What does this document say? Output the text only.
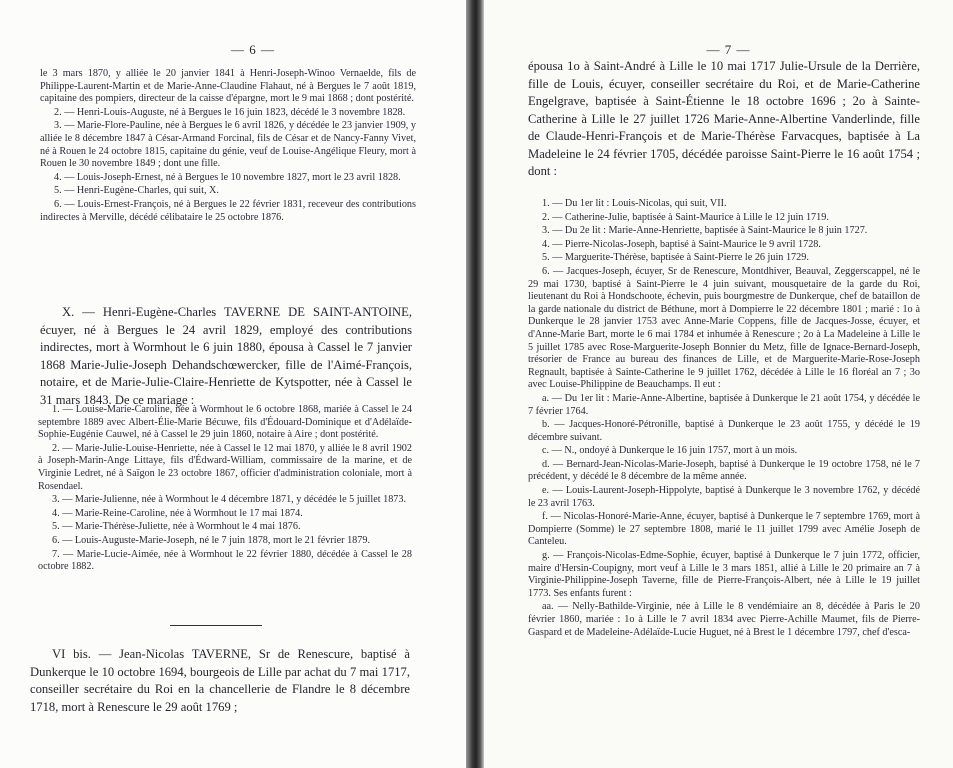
— 6 —

le 3 mars 1870, y alliée le 20 janvier 1841 à Henri-Joseph-Winoo Vernaelde, fils de Philippe-Laurent-Martin et de Marie-Anne-Claudine Flahaut, né à Bergues le 7 août 1819, capitaine des pompiers, directeur de la caisse d'épargne, mort le 9 mai 1868 ; dont postérité.

2. — Henri-Louis-Auguste, né à Bergues le 16 juin 1823, décédé le 3 novembre 1828.

3. — Marie-Flore-Pauline, née à Bergues le 6 avril 1826, y décédée le 23 janvier 1909, y alliée le 8 décembre 1847 à César-Armand Forcinal, fils de César et de Nancy-Fanny Vivet, né à Rouen le 24 octobre 1815, capitaine du génie, veuf de Louise-Angélique Fleury, mort à Rouen le 30 novembre 1849 ; dont une fille.

4. — Louis-Joseph-Ernest, né à Bergues le 10 novembre 1827, mort le 23 avril 1828.

5. — Henri-Eugène-Charles, qui suit, X.

6. — Louis-Ernest-François, né à Bergues le 22 février 1831, receveur des contributions indirectes à Merville, décédé célibataire le 25 octobre 1876.

X. — Henri-Eugène-Charles TAVERNE DE SAINT-ANTOINE, écuyer, né à Bergues le 24 avril 1829, employé des contributions indirectes, mort à Wormhout le 6 juin 1880, épousa à Cassel le 7 janvier 1868 Marie-Julie-Joseph Dehandschœwercker, fille de l'Aimé-François, notaire, et de Marie-Julie-Claire-Henriette de Kytspotter, née à Cassel le 31 mars 1843. De ce mariage :

1. — Louise-Marie-Caroline, née à Wormhout le 6 octobre 1868, mariée à Cassel le 24 septembre 1889 avec Albert-Élie-Marie Bécuwe, fils d'Édouard-Dominique et d'Adélaïde-Sophie-Eugénie Cauwel, né à Cassel le 29 juin 1860, notaire à Aire ; dont postérité.

2. — Marie-Julie-Louise-Henriette, née à Cassel le 12 mai 1870, y alliée le 8 avril 1902 à Joseph-Marin-Ange Littaye, fils d'Édward-William, commissaire de la marine, et de Virginie Ledret, né à Saïgon le 23 octobre 1867, officier d'administration coloniale, mort à Rosendael.

3. — Marie-Julienne, née à Wormhout le 4 décembre 1871, y décédée le 5 juillet 1873.

4. — Marie-Reine-Caroline, née à Wormhout le 17 mai 1874.

5. — Marie-Thérèse-Juliette, née à Wormhout le 4 mai 1876.

6. — Louis-Auguste-Marie-Joseph, né le 7 juin 1878, mort le 21 février 1879.

7. — Marie-Lucie-Aimée, née à Wormhout le 22 février 1880, décédée à Cassel le 28 octobre 1882.

VI bis. — Jean-Nicolas TAVERNE, Sr de Renescure, baptisé à Dunkerque le 10 octobre 1694, bourgeois de Lille par achat du 7 mai 1717, conseiller secrétaire du Roi en la chancellerie de Flandre le 8 décembre 1718, mort à Renescure le 29 août 1769 ;

— 7 —

épousa 1o à Saint-André à Lille le 10 mai 1717 Julie-Ursule de la Derrière, fille de Louis, écuyer, conseiller secrétaire du Roi, et de Marie-Catherine Engelgrave, baptisée à Saint-Étienne le 18 octobre 1696 ; 2o à Sainte-Catherine à Lille le 27 juillet 1726 Marie-Anne-Albertine Vanderlinde, fille de Claude-Henri-François et de Marie-Thérèse Farvacques, baptisée à La Madeleine le 24 février 1705, décédée paroisse Saint-Pierre le 16 août 1754 ; dont :

1. — Du 1er lit : Louis-Nicolas, qui suit, VII.

2. — Catherine-Julie, baptisée à Saint-Maurice à Lille le 12 juin 1719.

3. — Du 2e lit : Marie-Anne-Henriette, baptisée à Saint-Maurice le 8 juin 1727.

4. — Pierre-Nicolas-Joseph, baptisé à Saint-Maurice le 9 avril 1728.

5. — Marguerite-Thérèse, baptisée à Saint-Pierre le 26 juin 1729.

6. — Jacques-Joseph, écuyer, Sr de Renescure, Montdhiver, Beauval, Zeggerscappel, né le 29 mai 1730, baptisé à Saint-Pierre le 4 juin suivant, mousquetaire de la garde du Roi, lieutenant du Roi à Hondschoote, échevin, puis bourgmestre de Dunkerque, chef de bataillon de la garde nationale du district de Béthune, mort à Dompierre le 22 décembre 1801 ; marié : 1o à Dunkerque le 28 janvier 1753 avec Anne-Marie Coppens, fille de Jacques-Josse, écuyer, et d'Anne-Marie Bart, morte le 6 mai 1784 et inhumée à Renescure ; 2o à La Madeleine à Lille le 5 juillet 1785 avec Rose-Marguerite-Joseph Bonnier du Metz, fille de Ignace-Bernard-Joseph, trésorier de France au bureau des finances de Lille, et de Marguerite-Marie-Rose-Joseph Regnault, baptisée à Sainte-Catherine le 9 juillet 1762, décédée à Lille le 16 floréal an 7 ; 3o avec Louise-Philippine de Beauchamps. Il eut :

a. — Du 1er lit : Marie-Anne-Albertine, baptisée à Dunkerque le 21 août 1754, y décédée le 7 février 1764.

b. — Jacques-Honoré-Pétronille, baptisé à Dunkerque le 23 août 1755, y décédé le 19 décembre suivant.

c. — N., ondoyé à Dunkerque le 16 juin 1757, mort à un mois.

d. — Bernard-Jean-Nicolas-Marie-Joseph, baptisé à Dunkerque le 19 octobre 1758, né le 7 précédent, y décédé le 8 décembre de la même année.

e. — Louis-Laurent-Joseph-Hippolyte, baptisé à Dunkerque le 3 novembre 1762, y décédé le 23 avril 1763.

f. — Nicolas-Honoré-Marie-Anne, écuyer, baptisé à Dunkerque le 7 septembre 1769, mort à Dompierre (Somme) le 27 septembre 1808, marié le 11 juillet 1799 avec Amélie Joseph de Canteleu.

g. — François-Nicolas-Edme-Sophie, écuyer, baptisé à Dunkerque le 7 juin 1772, officier, maire d'Hersin-Coupigny, mort veuf à Lille le 3 mars 1851, allié à Lille le 20 primaire an 7 à Virginie-Philippine-Joseph Taverne, fille de Pierre-François-Albert, née à Lille le 19 juillet 1773. Ses enfants furent :

aa. — Nelly-Bathilde-Virginie, née à Lille le 8 vendémiaire an 8, décédée à Paris le 20 février 1860, mariée : 1o à Lille le 7 avril 1834 avec Pierre-Achille Maumet, fils de Pierre-Gaspard et de Madeleine-Adélaïde-Lucie Huguet, né à Brest le 1 décembre 1797, chef d'esca-
